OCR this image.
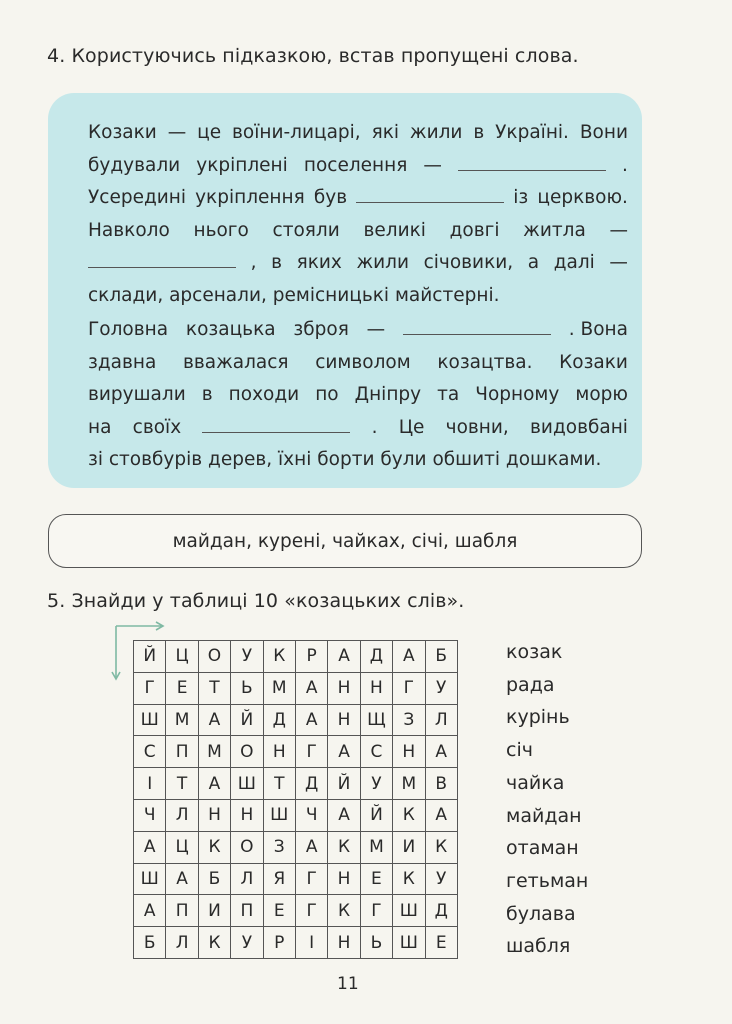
4. Користуючись підказкою, встав пропущені слова.
Козаки — це воїни-лицарі, які жили в Україні. Вони
будували укріплені поселення —	.
Усередині укріплення був	із церквою.
Навколо нього стояли великі довгі житла —
, в яких жили січовики, а далі —
склади, арсенали, ремісницькі майстерні.
Головна козацька зброя —	. Вона
здавна вважалася символом козацтва. Козаки
вирушали в походи по Дніпру та Чорному морю
на своїх	. Це човни, видовбані
зі стовбурів дерев, їхні борти були обшиті дошками.
майдан, курені, чайках, січі, шабля
5. Знайди у таблиці 10 «козацьких слів».
Й	Ц	О	У	К	Р	А	Д	А	Б
Г	Е	Т	Ь	М	А	Н	Н	Г	У
Ш М	А	Й	Д	А	Н Щ	З	Л
С	П	М	О	Н	Г	А	С	Н	А
І	Т	А	Ш	Т	Д	Й	У	М	В
Ч	Л	Н	Н Ш	Ч	А	Й	К	А
А	Ц	К	О	З	А	К	М	И	К
Ш	А	Б	Л	Я	Г	Н	Е	К	У
А	П	И	П	Е	Г	К	Г	Ш Д
Б	Л	К	У	Р	І	Н	Ь	Ш	Е
козак
рада
курінь
січ
чайка
майдан
отаман
гетьман
булава
шабля
11
